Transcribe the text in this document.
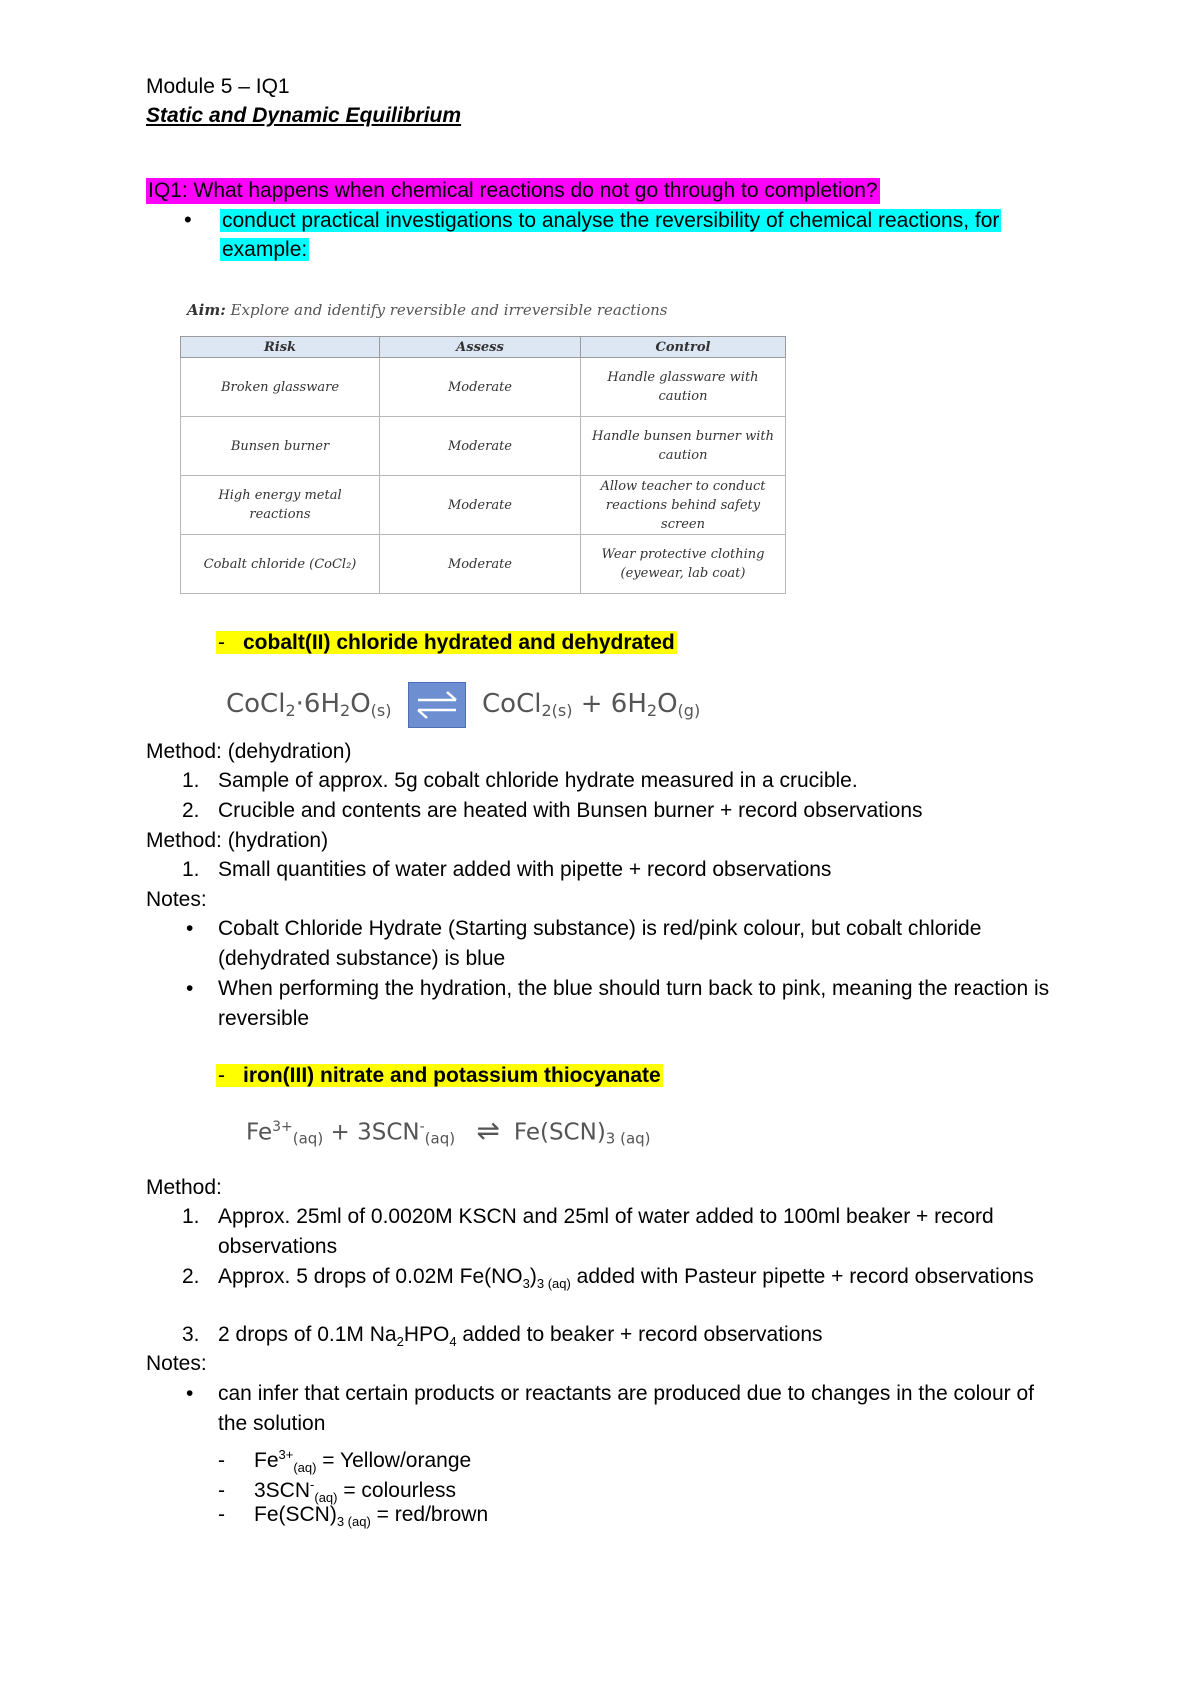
Module 5 – IQ1
Static and Dynamic Equilibrium
IQ1: What happens when chemical reactions do not go through to completion?
• conduct practical investigations to analyse the reversibility of chemical reactions, for example:
Aim: Explore and identify reversible and irreversible reactions
Risk	Assess	Control
Broken glassware	Moderate	Handle glassware with caution
Bunsen burner	Moderate	Handle bunsen burner with caution
High energy metal reactions	Moderate	Allow teacher to conduct reactions behind safety screen
Cobalt chloride (CoCl₂)	Moderate	Wear protective clothing (eyewear, lab coat)
- cobalt(II) chloride hydrated and dehydrated
$CoCl_2\cdot 6H_2O_{(s)}$	CoCl$_{2(s)}$ + $6H_2O_{(g)}$
Method: (dehydration)
1. Sample of approx. 5g cobalt chloride hydrate measured in a crucible.
2. Crucible and contents are heated with Bunsen burner + record observations
Method: (hydration)
1. Small quantities of water added with pipette + record observations
Notes:
• Cobalt Chloride Hydrate (Starting substance) is red/pink colour, but cobalt chloride (dehydrated substance) is blue
• When performing the hydration, the blue should turn back to pink, meaning the reaction is reversible
- iron(III) nitrate and potassium thiocyanate
$Fe^{3+}_{(aq)} + 3SCN^-_{(aq)}$ ⇌ $Fe(SCN)_{3 (aq)}$
Method:
1. Approx. 25ml of 0.0020M KSCN and 25ml of water added to 100ml beaker + record observations
2. Approx. 5 drops of 0.02M $Fe(NO_3)_{3 (aq)}$ added with Pasteur pipette + record observations
3. 2 drops of 0.1M $Na_2HPO_4$ added to beaker + record observations
Notes:
• can infer that certain products or reactants are produced due to changes in the colour of the solution
- $Fe^{3+}_{(aq)}$ = Yellow/orange
- $3SCN^-_{(aq)}$ = colourless
- $Fe(SCN)_{3 (aq)}$ = red/brown
